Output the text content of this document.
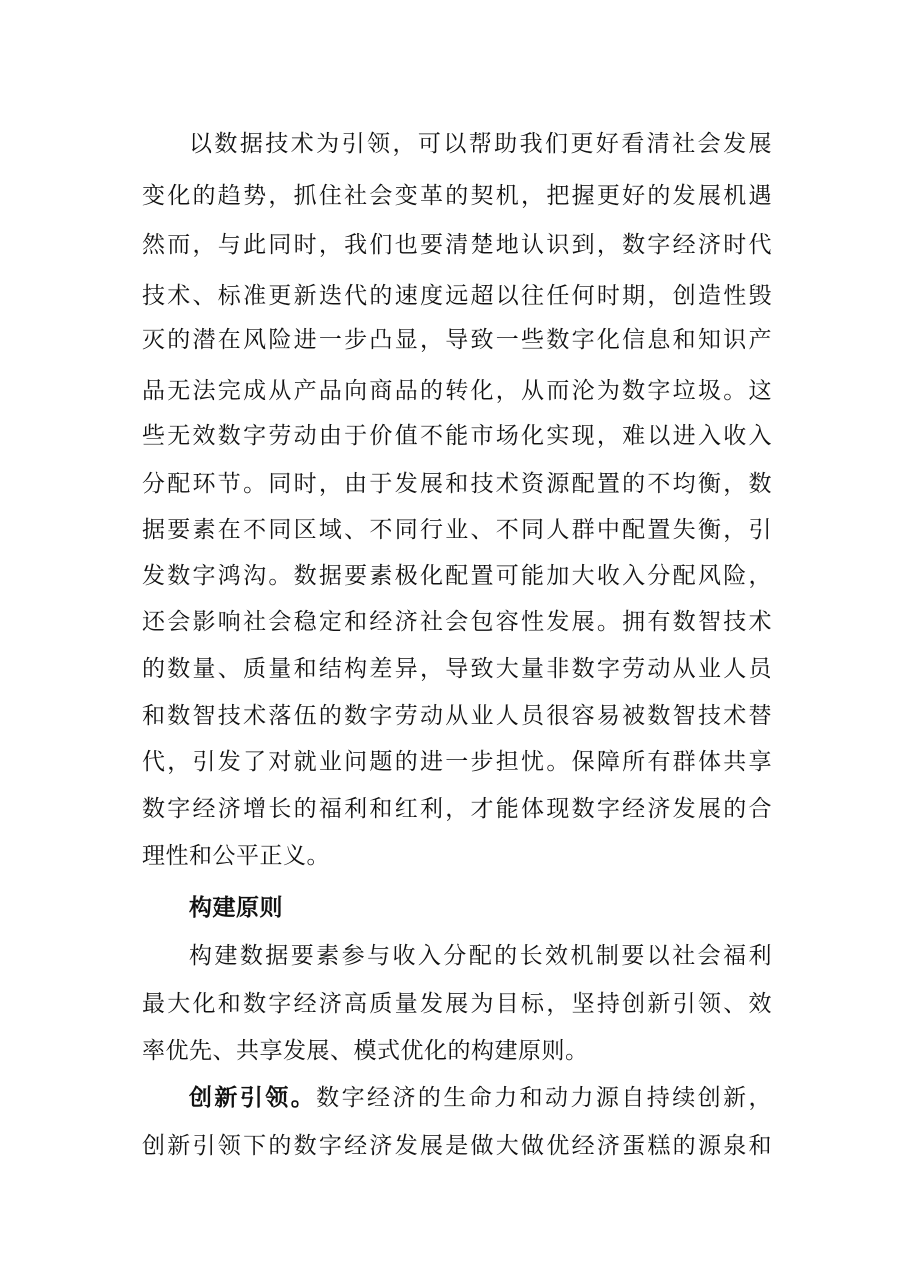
以数据技术为引领，可以帮助我们更好看清社会发展
变化的趋势，抓住社会变革的契机，把握更好的发展机遇
然而，与此同时，我们也要清楚地认识到，数字经济时代
技术、标准更新迭代的速度远超以往任何时期，创造性毁
灭的潜在风险进一步凸显，导致一些数字化信息和知识产
品无法完成从产品向商品的转化，从而沦为数字垃圾。这
些无效数字劳动由于价值不能市场化实现，难以进入收入
分配环节。同时，由于发展和技术资源配置的不均衡，数
据要素在不同区域、不同行业、不同人群中配置失衡，引
发数字鸿沟。数据要素极化配置可能加大收入分配风险，
还会影响社会稳定和经济社会包容性发展。拥有数智技术
的数量、质量和结构差异，导致大量非数字劳动从业人员
和数智技术落伍的数字劳动从业人员很容易被数智技术替
代，引发了对就业问题的进一步担忧。保障所有群体共享
数字经济增长的福利和红利，才能体现数字经济发展的合
理性和公平正义。
构建原则
构建数据要素参与收入分配的长效机制要以社会福利
最大化和数字经济高质量发展为目标，坚持创新引领、效
率优先、共享发展、模式优化的构建原则。
创新引领。数字经济的生命力和动力源自持续创新，
创新引领下的数字经济发展是做大做优经济蛋糕的源泉和
